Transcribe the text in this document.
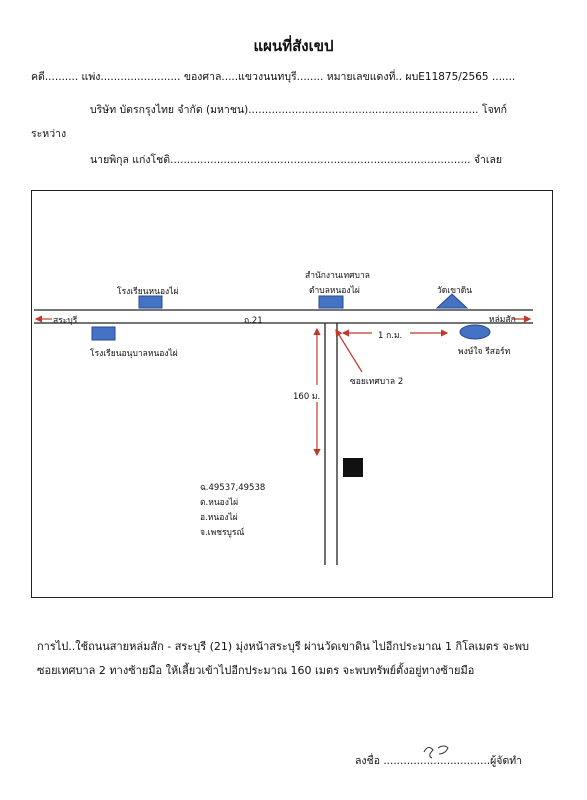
แผนที่สังเขป
คดี.......... แพ่ง........................ ของศาล.....แขวงนนทบุรี........ หมายเลขแดงที่.. ผบE11875/2565 .......
บริษัท บัตรกรุงไทย จำกัด (มหาชน)..................................................................... โจทก์
ระหว่าง
นายพิกุล แก่งโชติ.......................................................................................... จำเลย
โรงเรียนหนองไผ่
โรงเรียนอนุบาลหนองไผ่
สำนักงานเทศบาล
ตำบลหนองไผ่	วัดเขาดิน
พงษ์ใจ รีสอร์ท
สระบุรี	หล่มสัก
ถ.21
1 ก.ม.
160 ม.
ซอยเทศบาล 2
ฉ.49537,49538
ต.หนองไผ่
อ.หนองไผ่
จ.เพชรบูรณ์
การไป..ใช้ถนนสายหล่มสัก - สระบุรี (21) มุ่งหน้าสระบุรี ผ่านวัดเขาดิน ไปอีกประมาณ 1 กิโลเมตร จะพบ
ซอยเทศบาล 2 ทางซ้ายมือ ให้เลี้ยวเข้าไปอีกประมาณ 160 เมตร จะพบทรัพย์ตั้งอยู่ทางซ้ายมือ
ลงชื่อ ................................ผู้จัดทำ
